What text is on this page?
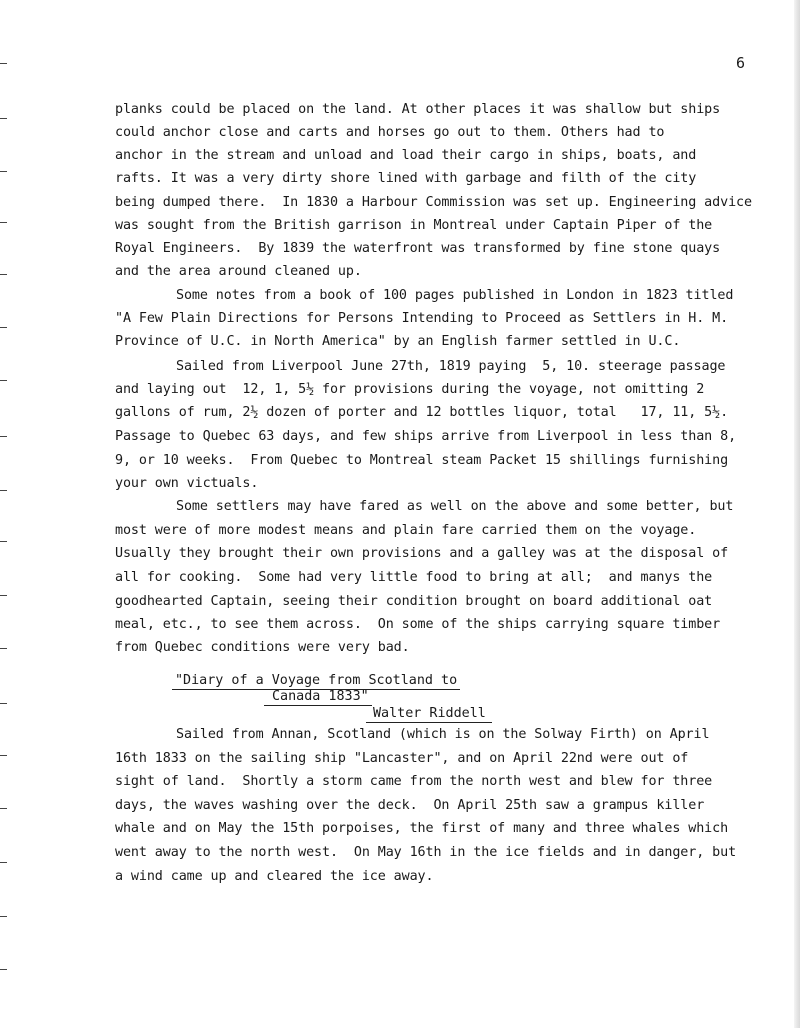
6
planks could be placed on the land. At other places it was shallow but ships
could anchor close and carts and horses go out to them. Others had to
anchor in the stream and unload and load their cargo in ships, boats, and
rafts. It was a very dirty shore lined with garbage and filth of the city
being dumped there.  In 1830 a Harbour Commission was set up. Engineering advice
was sought from the British garrison in Montreal under Captain Piper of the
Royal Engineers.  By 1839 the waterfront was transformed by fine stone quays
and the area around cleaned up.
Some notes from a book of 100 pages published in London in 1823 titled
"A Few Plain Directions for Persons Intending to Proceed as Settlers in H. M.
Province of U.C. in North America" by an English farmer settled in U.C.
Sailed from Liverpool June 27th, 1819 paying  5, 10. steerage passage
and laying out  12, 1, 5½ for provisions during the voyage, not omitting 2
gallons of rum, 2½ dozen of porter and 12 bottles liquor, total   17, 11, 5½.
Passage to Quebec 63 days, and few ships arrive from Liverpool in less than 8,
9, or 10 weeks.  From Quebec to Montreal steam Packet 15 shillings furnishing
your own victuals.
Some settlers may have fared as well on the above and some better, but
most were of more modest means and plain fare carried them on the voyage.
Usually they brought their own provisions and a galley was at the disposal of
all for cooking.  Some had very little food to bring at all;  and manys the
goodhearted Captain, seeing their condition brought on board additional oat
meal, etc., to see them across.  On some of the ships carrying square timber
from Quebec conditions were very bad.
"Diary of a Voyage from Scotland to
Canada 1833"
Walter Riddell
Sailed from Annan, Scotland (which is on the Solway Firth) on April
16th 1833 on the sailing ship "Lancaster", and on April 22nd were out of
sight of land.  Shortly a storm came from the north west and blew for three
days, the waves washing over the deck.  On April 25th saw a grampus killer
whale and on May the 15th porpoises, the first of many and three whales which
went away to the north west.  On May 16th in the ice fields and in danger, but
a wind came up and cleared the ice away.
